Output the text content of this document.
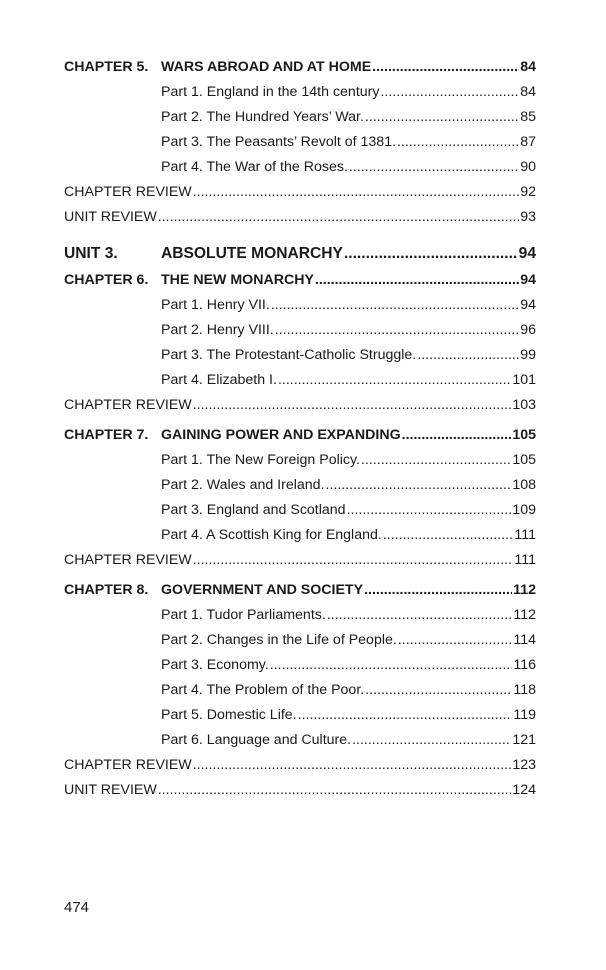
CHAPTER 5. WARS ABROAD AND AT HOME .....	84
Part 1. England in the 14th century .....	84
Part 2. The Hundred Years’ War. .....	85
Part 3. The Peasants’ Revolt of 1381. .....	87
Part 4. The War of the Roses. .....	90
CHAPTER REVIEW .....	92
UNIT REVIEW .....	93
UNIT 3.	ABSOLUTE MONARCHY .....	94
CHAPTER 6. THE NEW MONARCHY .....	94
Part 1. Henry VII. .....	94
Part 2. Henry VIII. .....	96
Part 3. The Protestant-Catholic Struggle. .....	99
Part 4. Elizabeth I. .....	101
CHAPTER REVIEW .....	103
CHAPTER 7. GAINING POWER AND EXPANDING .....	105
Part 1. The New Foreign Policy. .....	105
Part 2. Wales and Ireland. .....	108
Part 3. England and Scotland .....	109
Part 4. A Scottish King for England. .....	111
CHAPTER REVIEW .....	111
CHAPTER 8. GOVERNMENT AND SOCIETY .....	112
Part 1. Tudor Parliaments. .....	112
Part 2. Changes in the Life of People. .....	114
Part 3. Economy. .....	116
Part 4. The Problem of the Poor. .....	118
Part 5. Domestic Life. .....	119
Part 6. Language and Culture. .....	121
CHAPTER REVIEW .....	123
UNIT REVIEW .....	124
474
